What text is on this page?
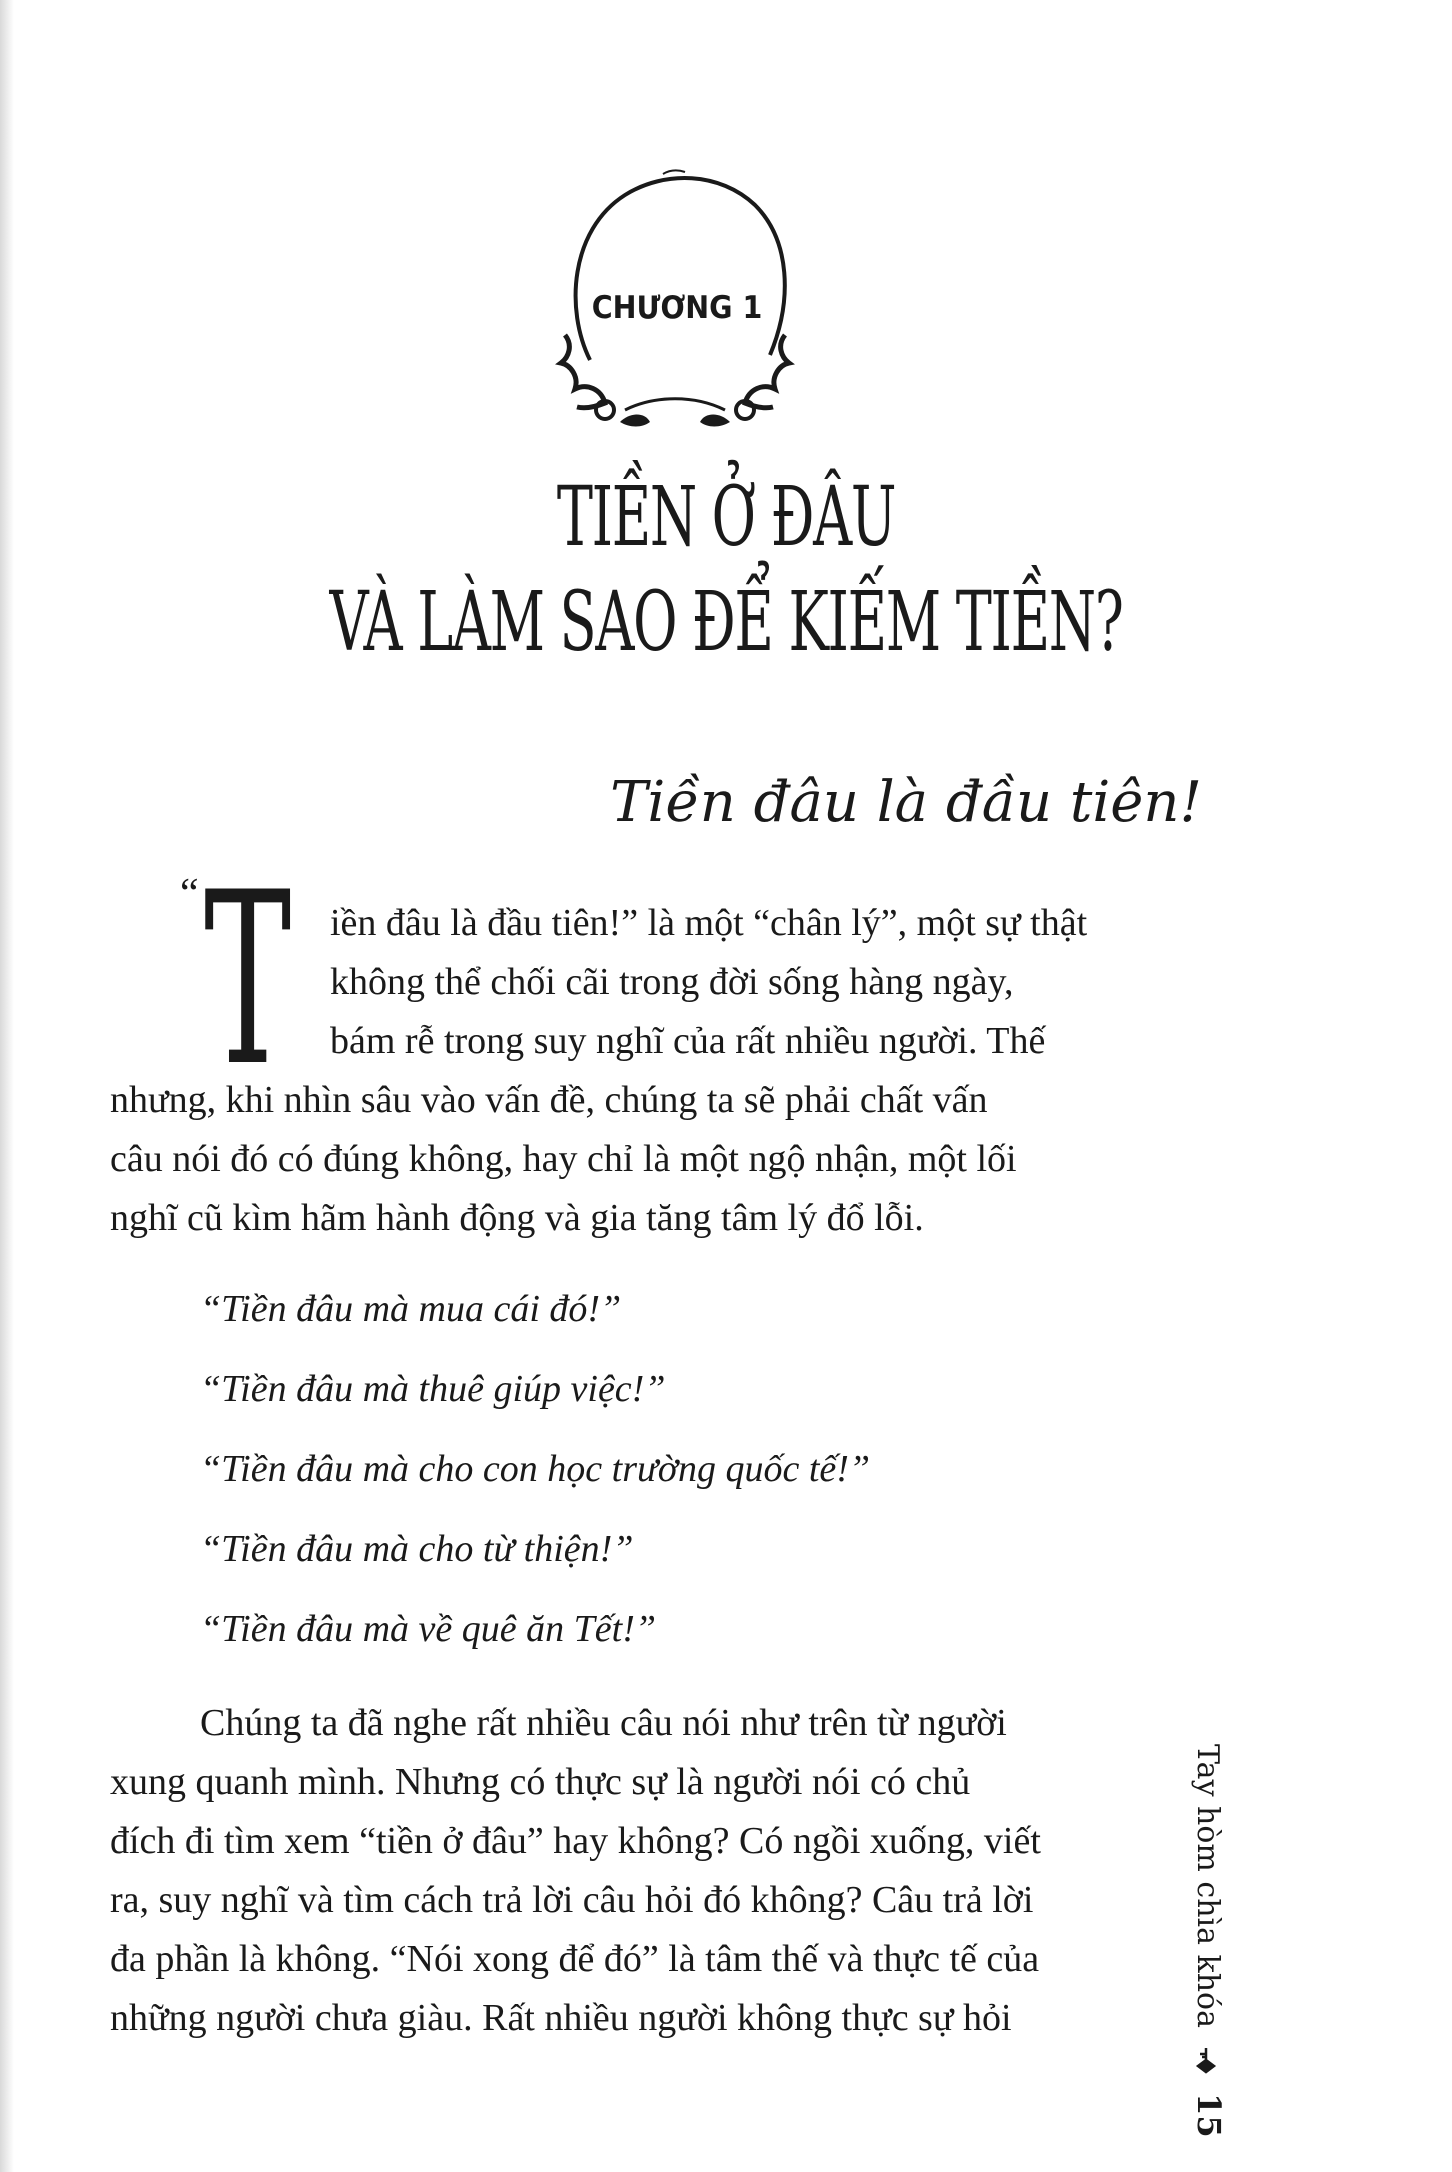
CHƯƠNG 1
TIỀN Ở ĐÂU
VÀ LÀM SAO ĐỂ KIẾM TIỀN?
Tiền đâu là đầu tiên!
“ T iền đâu là đầu tiên!” là một “chân lý”, một sự thật
không thể chối cãi trong đời sống hàng ngày,
bám rễ trong suy nghĩ của rất nhiều người. Thế
nhưng, khi nhìn sâu vào vấn đề, chúng ta sẽ phải chất vấn
câu nói đó có đúng không, hay chỉ là một ngộ nhận, một lối
nghĩ cũ kìm hãm hành động và gia tăng tâm lý đổ lỗi.
“Tiền đâu mà mua cái đó!”
“Tiền đâu mà thuê giúp việc!”
“Tiền đâu mà cho con học trường quốc tế!”
“Tiền đâu mà cho từ thiện!”
“Tiền đâu mà về quê ăn Tết!”
Chúng ta đã nghe rất nhiều câu nói như trên từ người
xung quanh mình. Nhưng có thực sự là người nói có chủ
đích đi tìm xem “tiền ở đâu” hay không? Có ngồi xuống, viết
ra, suy nghĩ và tìm cách trả lời câu hỏi đó không? Câu trả lời
đa phần là không. “Nói xong để đó” là tâm thế và thực tế của
những người chưa giàu. Rất nhiều người không thực sự hỏi	Tay hòm chìa khóa  15
